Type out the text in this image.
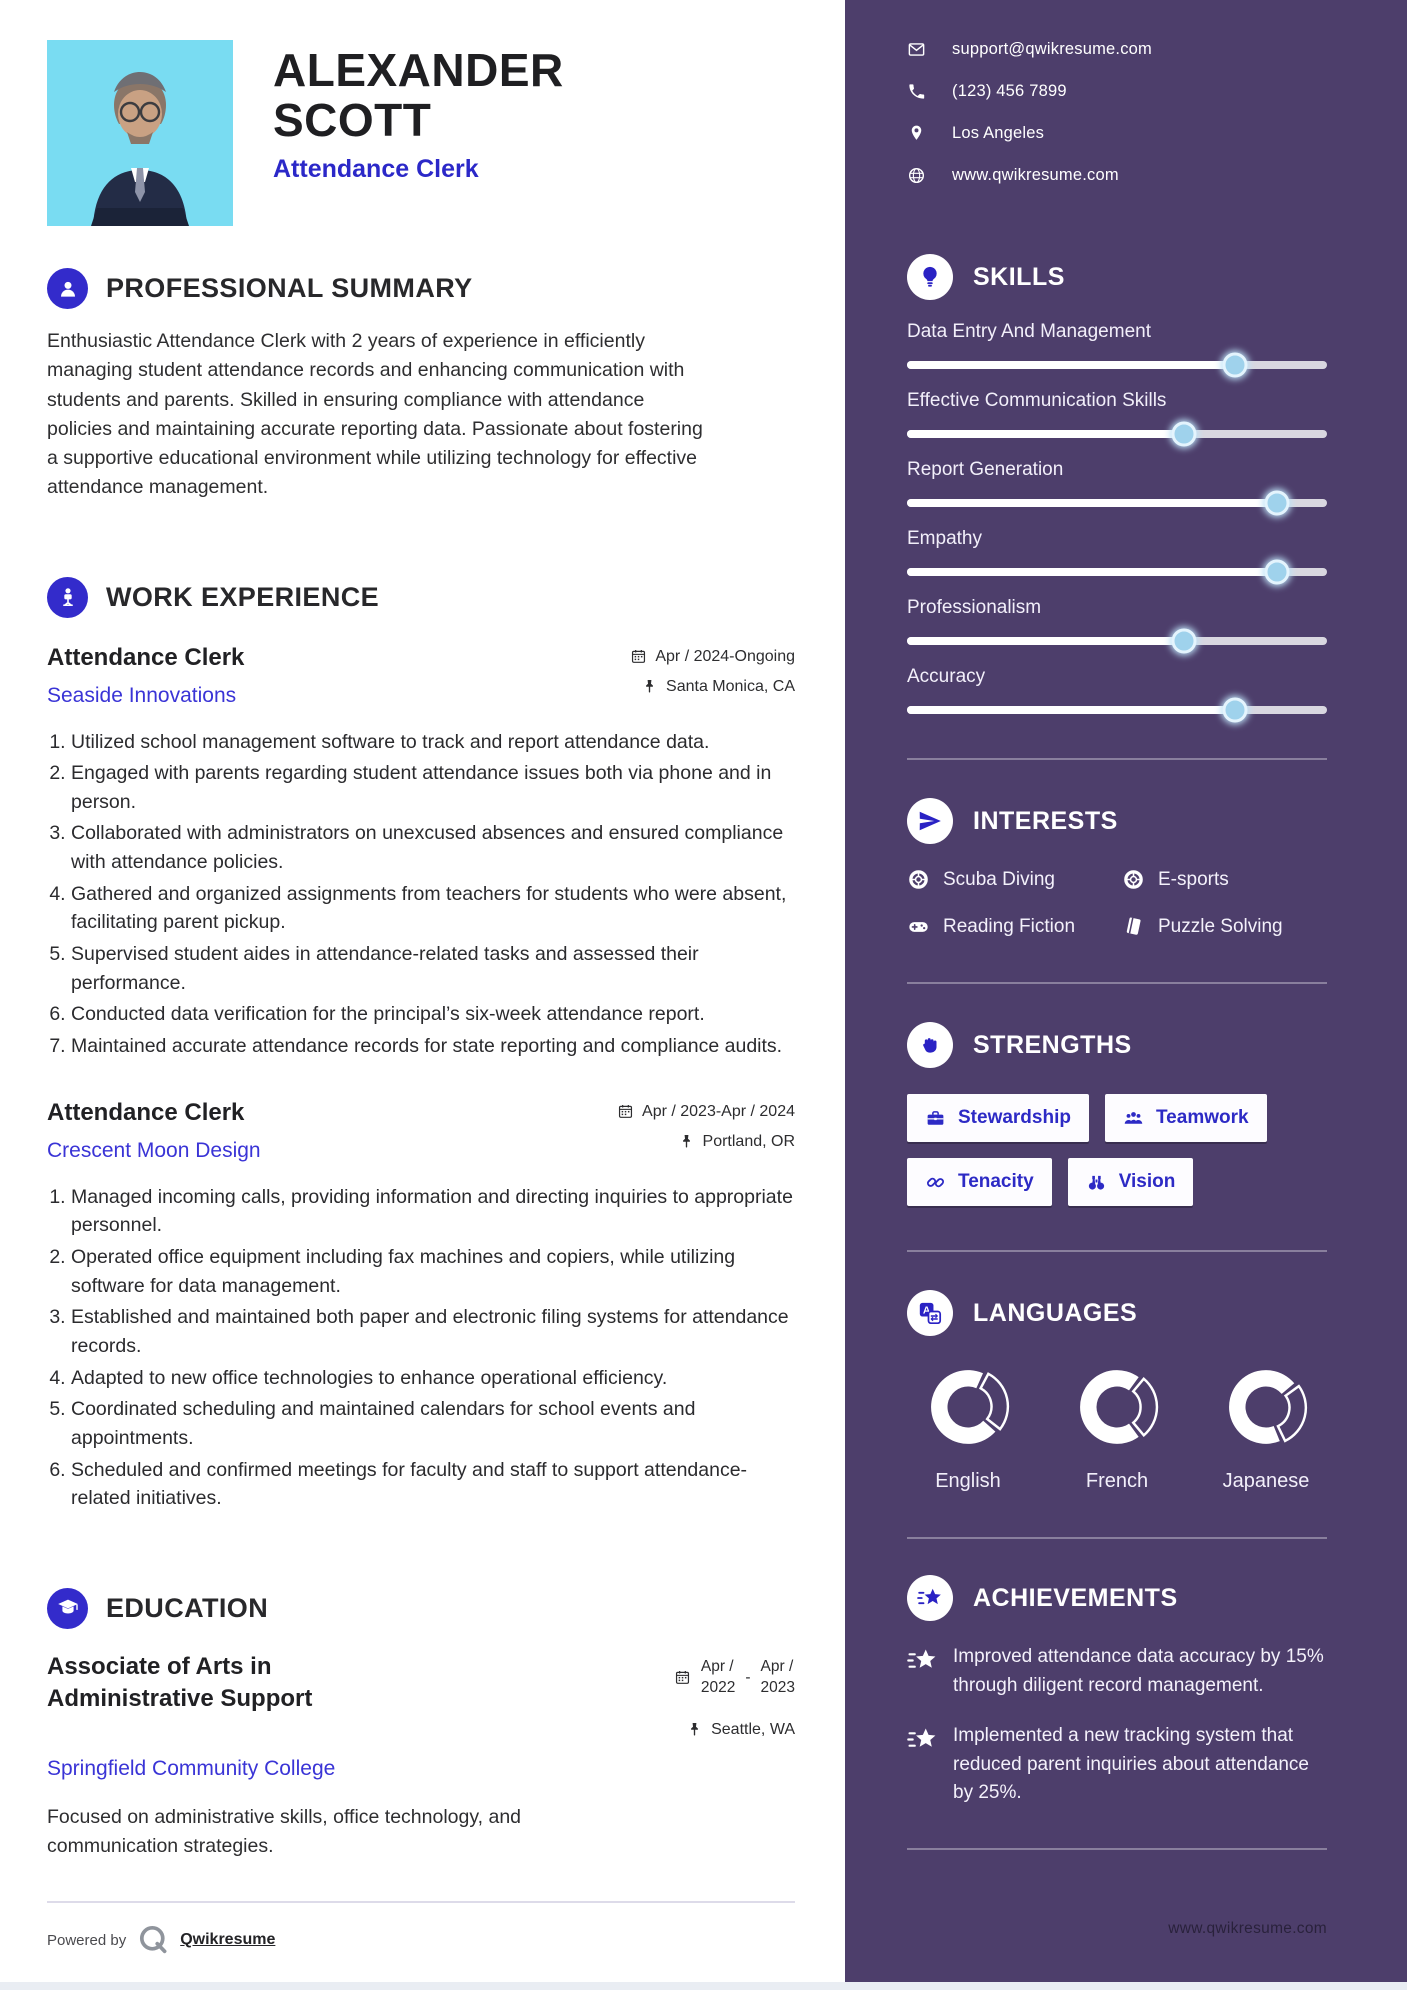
ALEXANDER
SCOTT
Attendance Clerk
PROFESSIONAL SUMMARY

Enthusiastic Attendance Clerk with 2 years of experience in efficiently managing student attendance records and enhancing communication with students and parents. Skilled in ensuring compliance with attendance policies and maintaining accurate reporting data. Passionate about fostering a supportive educational environment while utilizing technology for effective attendance management.

WORK EXPERIENCE
Attendance Clerk
Seaside Innovations
Apr / 2024-Ongoing
Santa Monica, CA
1. Utilized school management software to track and report attendance data.
2. Engaged with parents regarding student attendance issues both via phone and in person.
3. Collaborated with administrators on unexcused absences and ensured compliance with attendance policies.
4. Gathered and organized assignments from teachers for students who were absent, facilitating parent pickup.
5. Supervised student aides in attendance-related tasks and assessed their performance.
6. Conducted data verification for the principal’s six-week attendance report.
7. Maintained accurate attendance records for state reporting and compliance audits.
Attendance Clerk
Crescent Moon Design
Apr / 2023-Apr / 2024
Portland, OR
1. Managed incoming calls, providing information and directing inquiries to appropriate personnel.
2. Operated office equipment including fax machines and copiers, while utilizing software for data management.
3. Established and maintained both paper and electronic filing systems for attendance records.
4. Adapted to new office technologies to enhance operational efficiency.
5. Coordinated scheduling and maintained calendars for school events and appointments.
6. Scheduled and confirmed meetings for faculty and staff to support attendance-related initiatives.
EDUCATION
Associate of Arts in Administrative Support
Apr /
2022
-
Apr /
2023
Seattle, WA
Springfield Community College

Focused on administrative skills, office technology, and communication strategies.

Powered by	Qwikresume
support@qwikresume.com
(123) 456 7899
Los Angeles
www.qwikresume.com
SKILLS
Data Entry And Management
Effective Communication Skills
Report Generation
Empathy
Professionalism
Accuracy
INTERESTS
Scuba Diving	E-sports
Reading Fiction	Puzzle Solving
STRENGTHS
Stewardship	Teamwork
Tenacity	Vision
LANGUAGES
English	French	Japanese
ACHIEVEMENTS
Improved attendance data accuracy by 15% through diligent record management.
Implemented a new tracking system that reduced parent inquiries about attendance by 25%.
www.qwikresume.com
